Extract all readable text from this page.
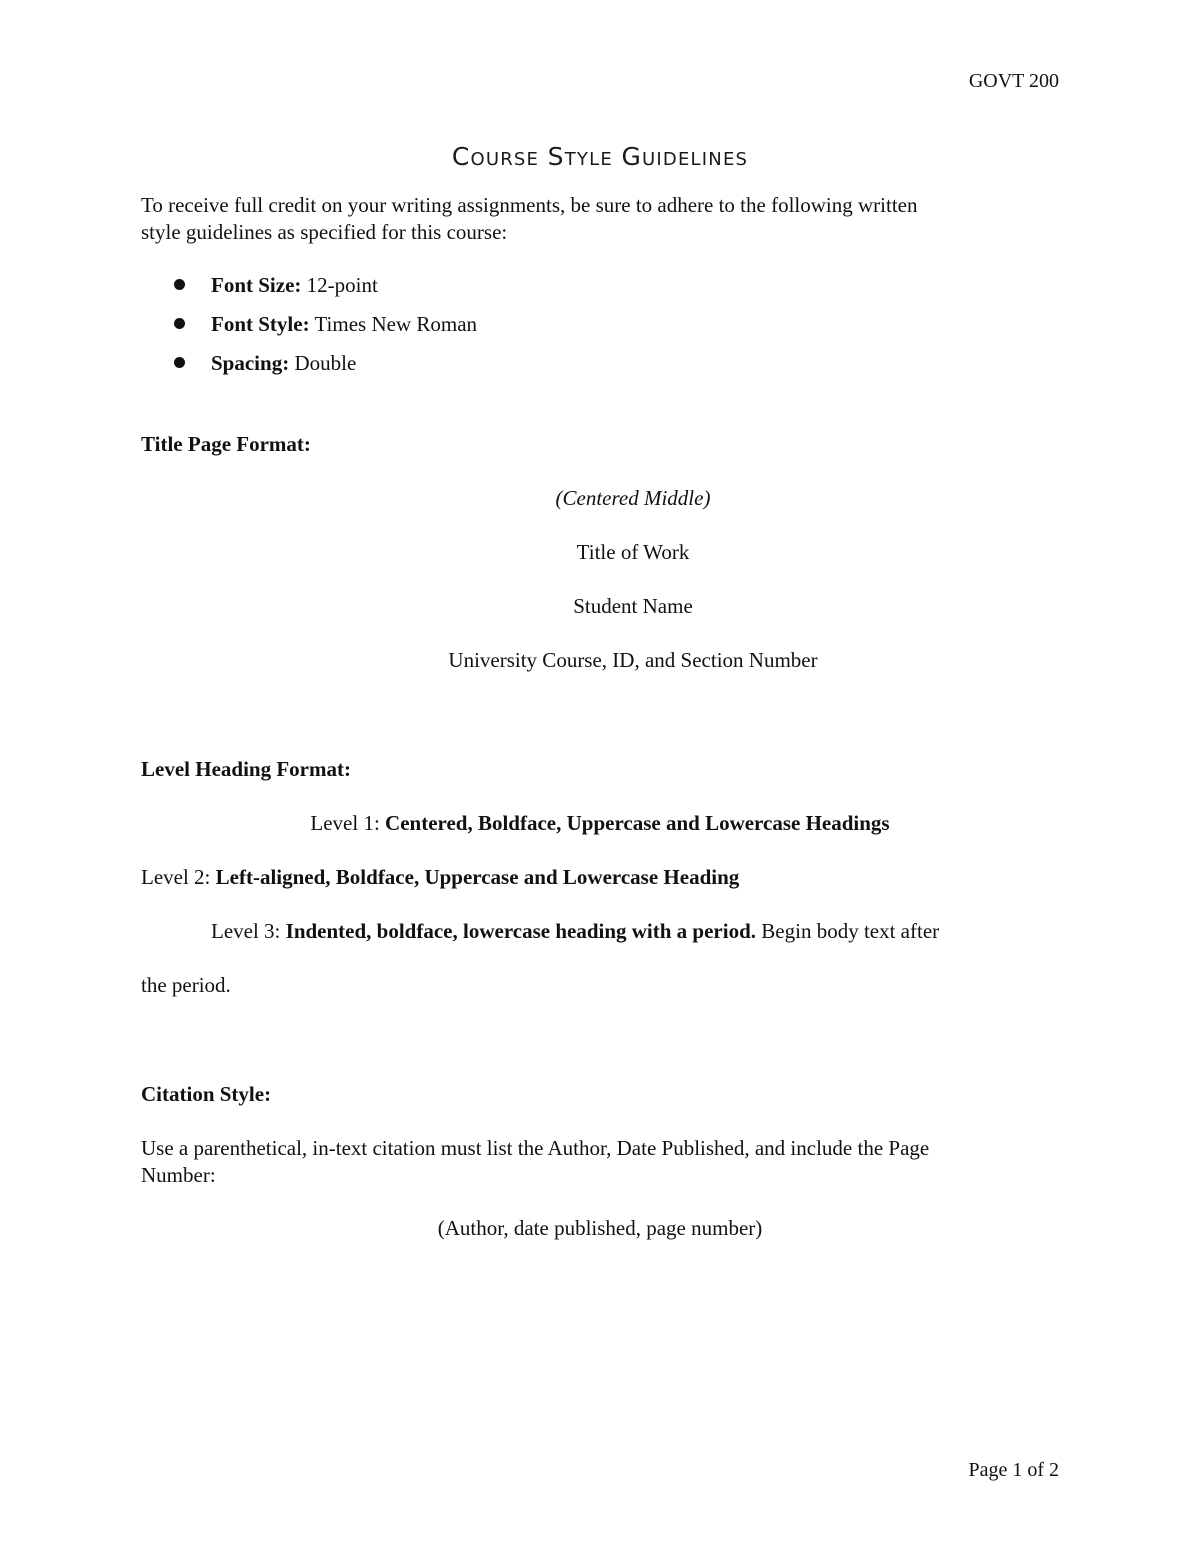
GOVT 200
COURSE STYLE GUIDELINES
To receive full credit on your writing assignments, be sure to adhere to the following written
style guidelines as specified for this course:
Font Size: 12-point
Font Style: Times New Roman
Spacing: Double
Title Page Format:
(Centered Middle)
Title of Work
Student Name
University Course, ID, and Section Number
Level Heading Format:
Level 1: Centered, Boldface, Uppercase and Lowercase Headings
Level 2: Left-aligned, Boldface, Uppercase and Lowercase Heading
Level 3: Indented, boldface, lowercase heading with a period. Begin body text after
the period.
Citation Style:
Use a parenthetical, in-text citation must list the Author, Date Published, and include the Page
Number:
(Author, date published, page number)
Page 1 of 2
